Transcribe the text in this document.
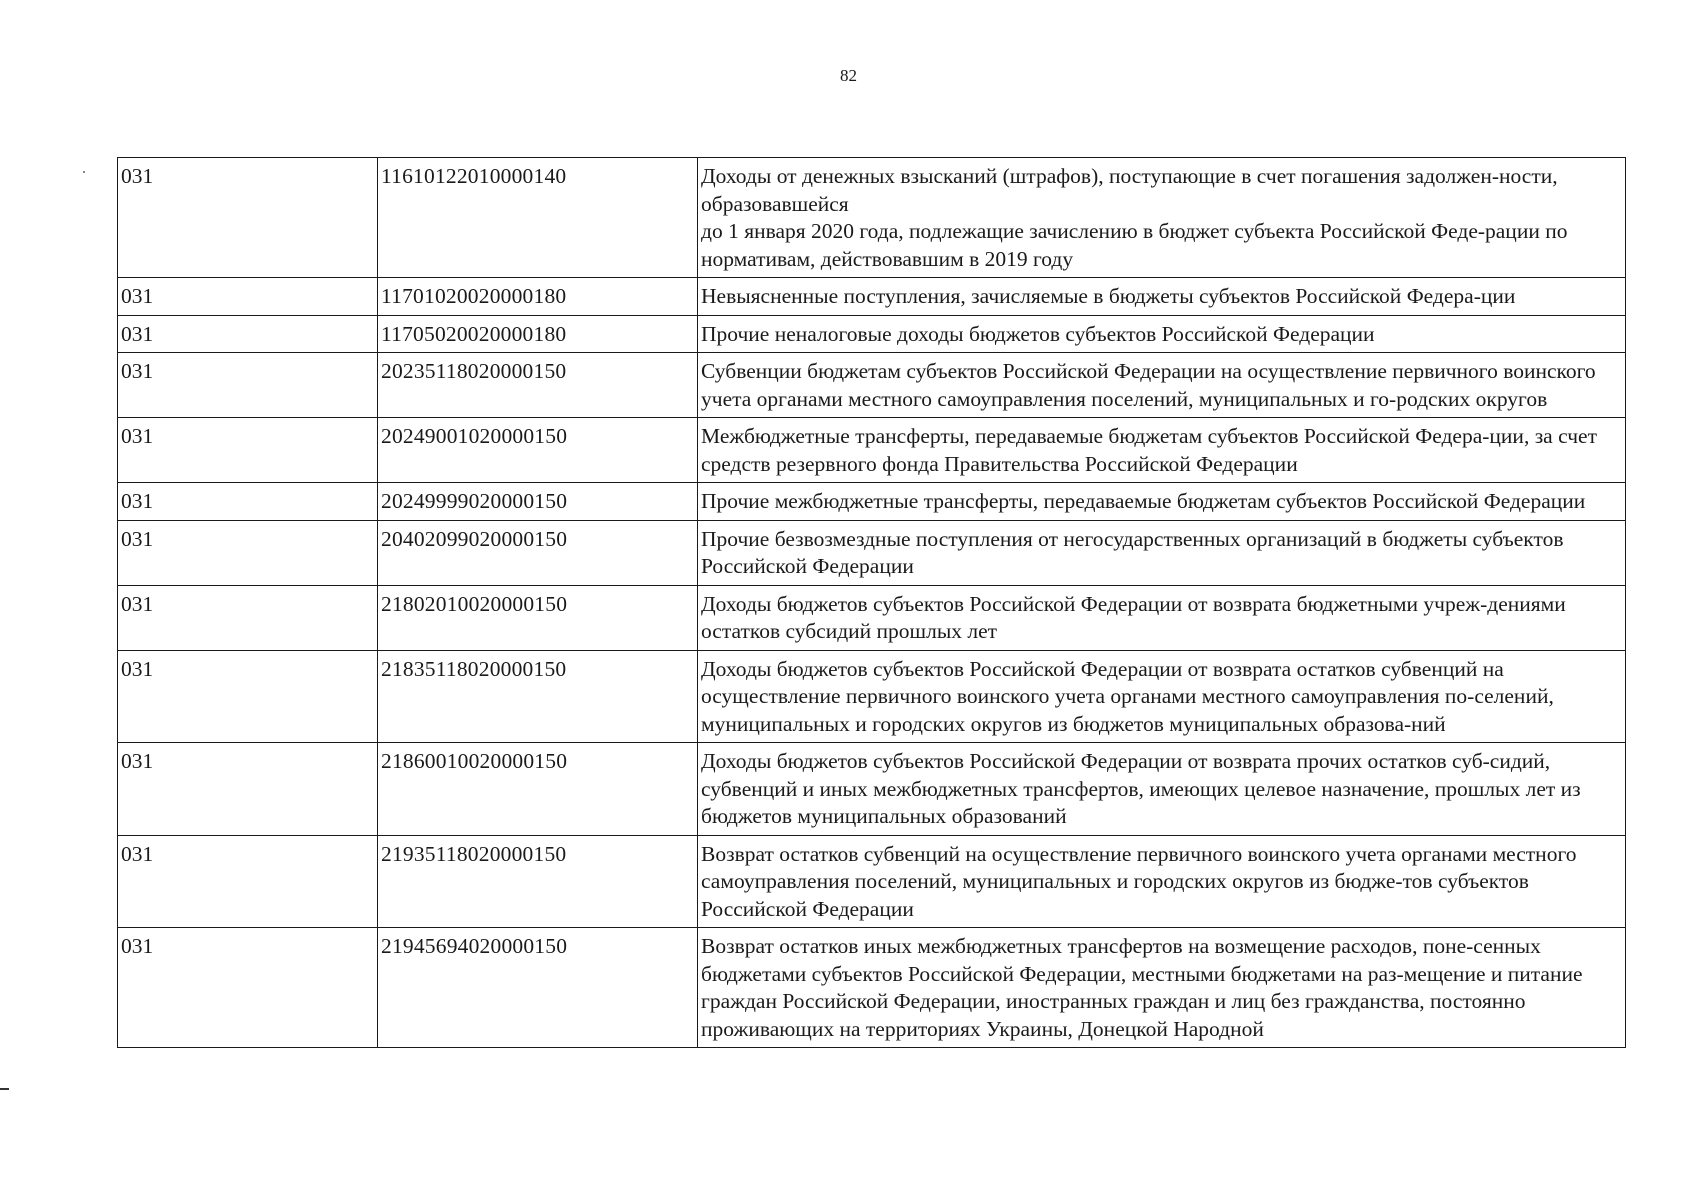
82
031	11610122010000140	Доходы от денежных взысканий (штрафов), поступающие в счет погашения задолжен-ности, образовавшейся
до 1 января 2020 года, подлежащие зачислению в бюджет субъекта Российской Феде-рации по нормативам, действовавшим в 2019 году
031	11701020020000180	Невыясненные поступления, зачисляемые в бюджеты субъектов Российской Федера-ции
031	11705020020000180	Прочие неналоговые доходы бюджетов субъектов Российской Федерации
031	20235118020000150	Субвенции бюджетам субъектов Российской Федерации на осуществление первичного воинского учета органами местного самоуправления поселений, муниципальных и го-родских округов
031	20249001020000150	Межбюджетные трансферты, передаваемые бюджетам субъектов Российской Федера-ции, за счет средств резервного фонда Правительства Российской Федерации
031	20249999020000150	Прочие межбюджетные трансферты, передаваемые бюджетам субъектов Российской Федерации
031	20402099020000150	Прочие безвозмездные поступления от негосударственных организаций в бюджеты субъектов Российской Федерации
031	21802010020000150	Доходы бюджетов субъектов Российской Федерации от возврата бюджетными учреж-дениями остатков субсидий прошлых лет
031	21835118020000150	Доходы бюджетов субъектов Российской Федерации от возврата остатков субвенций на осуществление первичного воинского учета органами местного самоуправления по-селений, муниципальных и городских округов из бюджетов муниципальных образова-ний
031	21860010020000150	Доходы бюджетов субъектов Российской Федерации от возврата прочих остатков суб-сидий, субвенций и иных межбюджетных трансфертов, имеющих целевое назначение, прошлых лет из бюджетов муниципальных образований
031	21935118020000150	Возврат остатков субвенций на осуществление первичного воинского учета органами местного самоуправления поселений, муниципальных и городских округов из бюдже-тов субъектов Российской Федерации
031	21945694020000150	Возврат остатков иных межбюджетных трансфертов на возмещение расходов, поне-сенных бюджетами субъектов Российской Федерации, местными бюджетами на раз-мещение и питание граждан Российской Федерации, иностранных граждан и лиц без гражданства, постоянно проживающих на территориях Украины, Донецкой Народной
